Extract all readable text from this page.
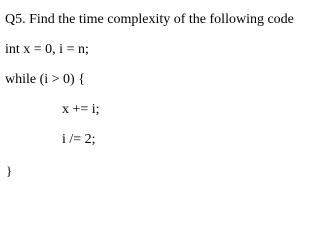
Q5. Find the time complexity of the following code
int x = 0, i = n;
while (i > 0) {
x += i;
i /= 2;
}
